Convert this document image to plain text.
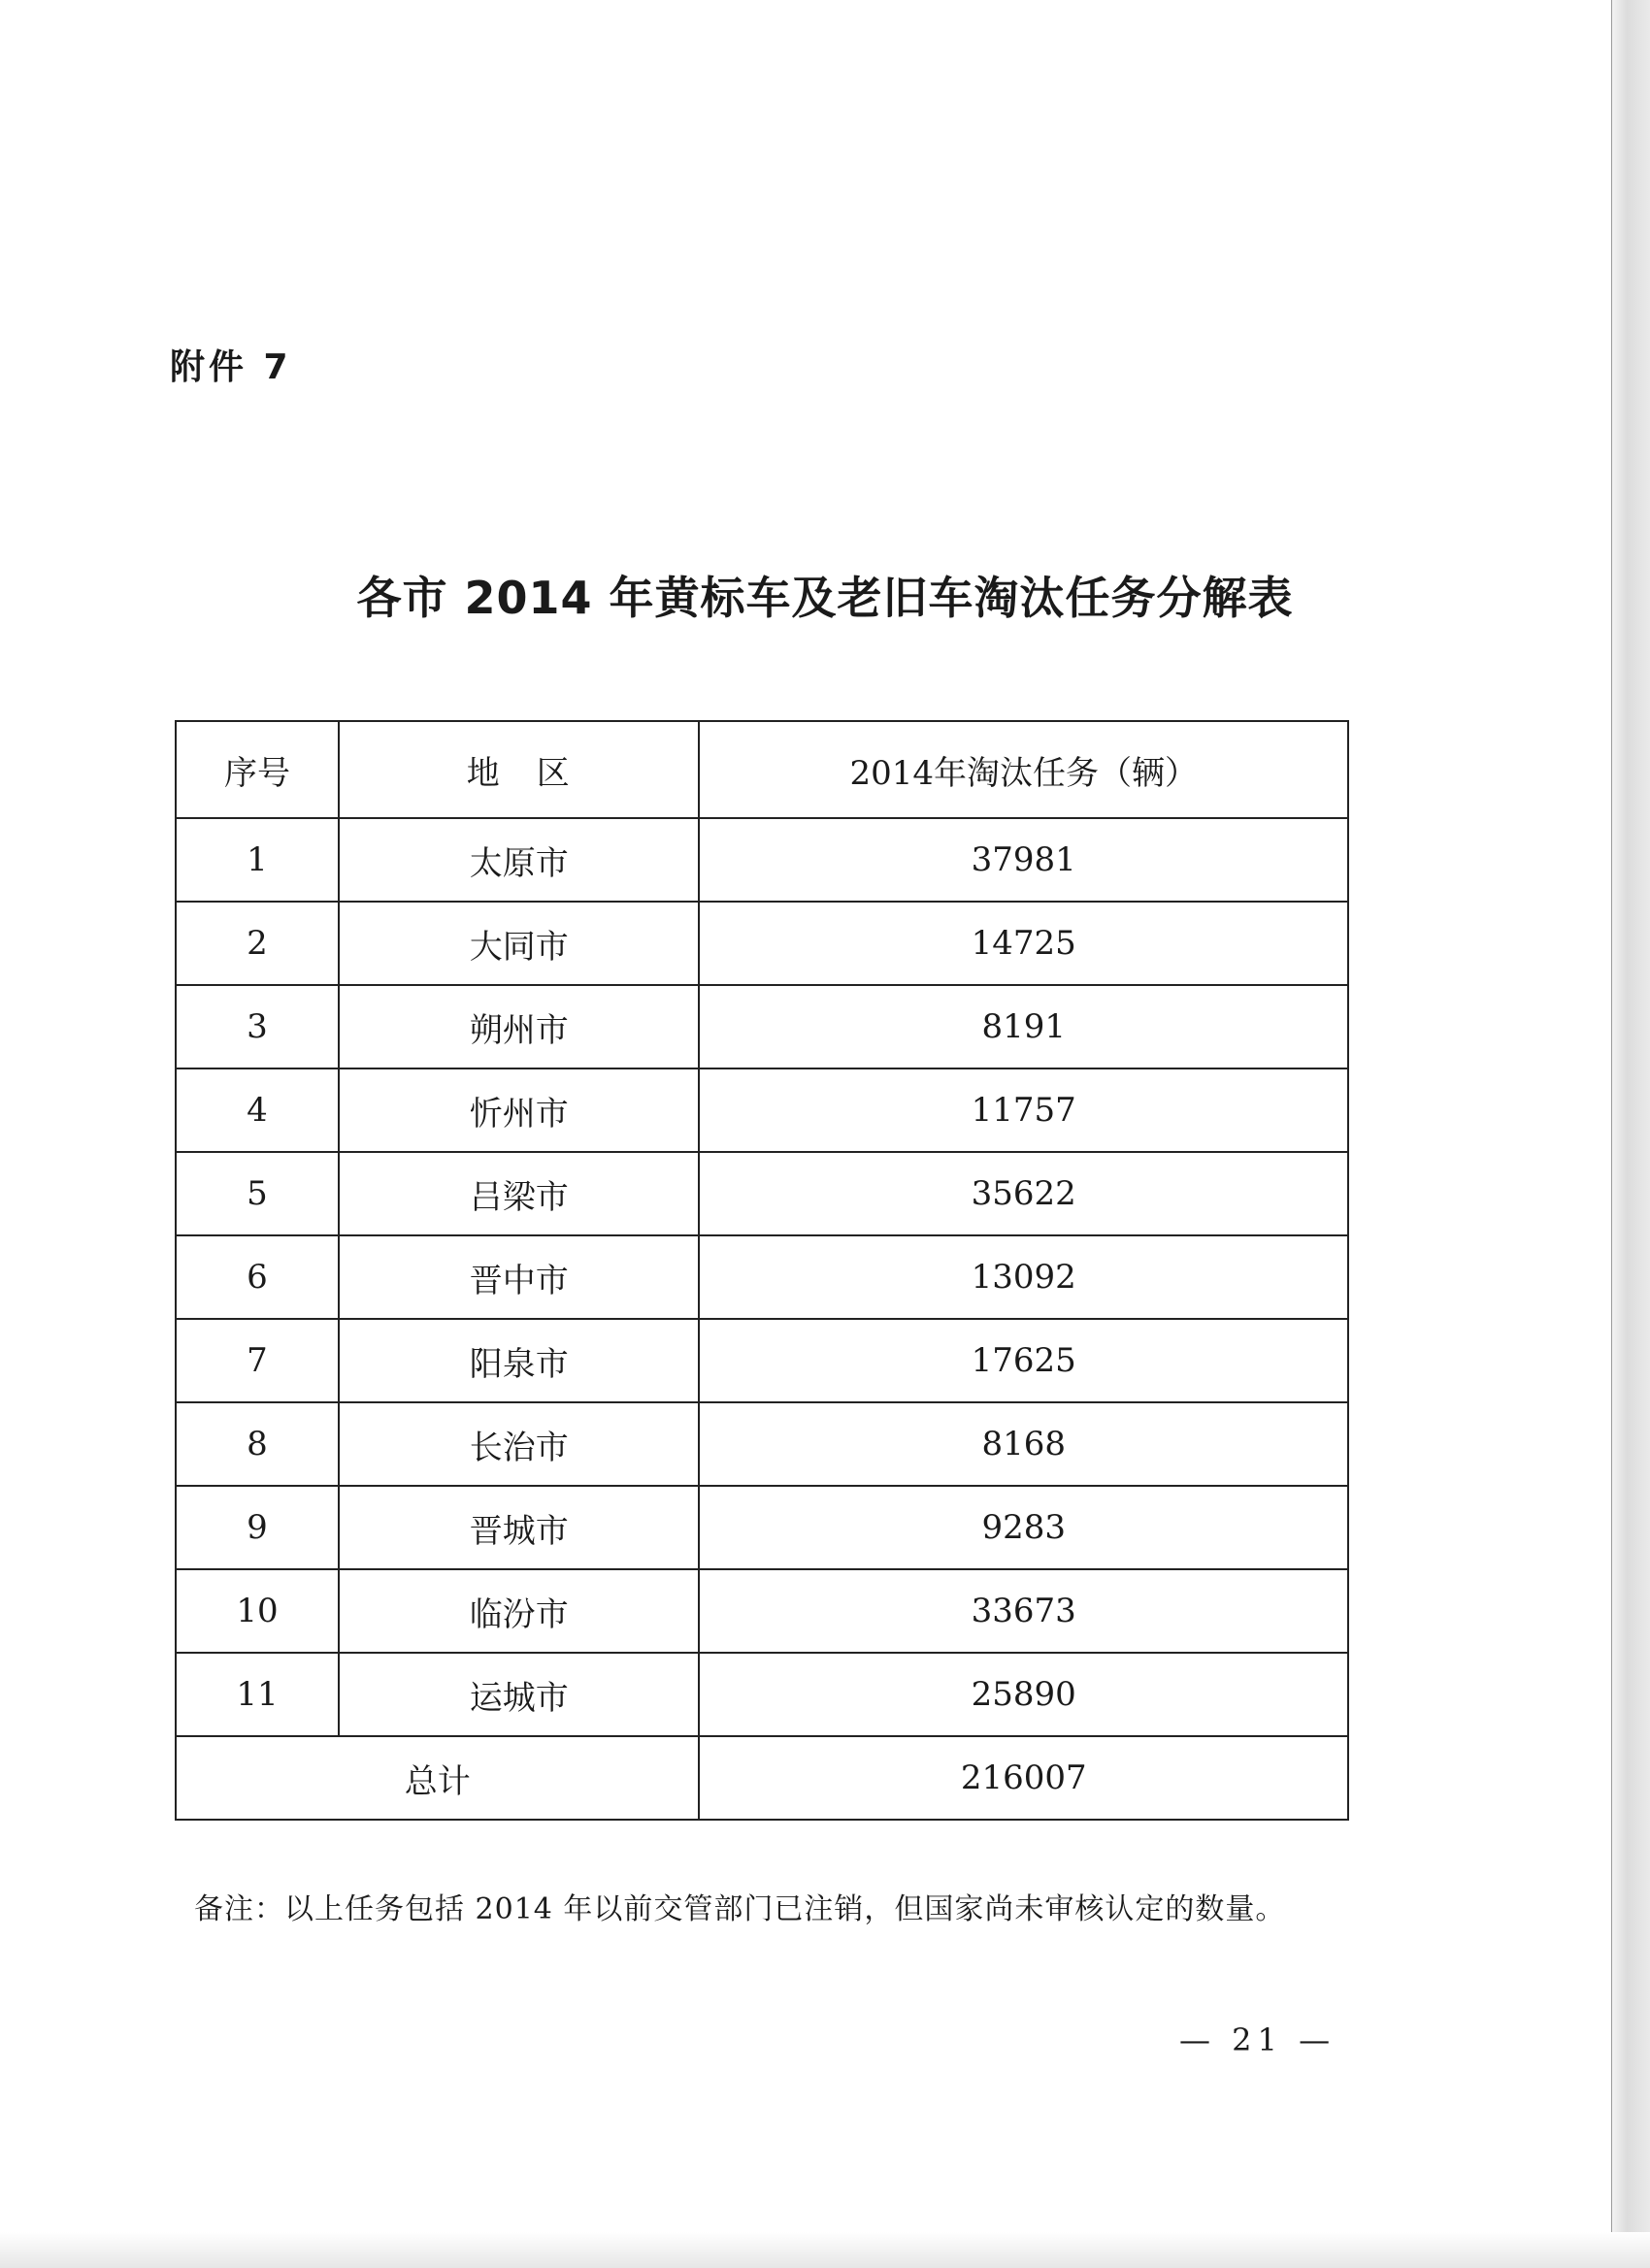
附件 7
各市 2014 年黄标车及老旧车淘汰任务分解表
序号	地　区	2014年淘汰任务（辆）
1	太原市	37981
2	大同市	14725
3	朔州市	8191
4	忻州市	11757
5	吕梁市	35622
6	晋中市	13092
7	阳泉市	17625
8	长治市	8168
9	晋城市	9283
10	临汾市	33673
11	运城市	25890
总计		216007
备注：以上任务包括 2014 年以前交管部门已注销，但国家尚未审核认定的数量。
— 21 —
